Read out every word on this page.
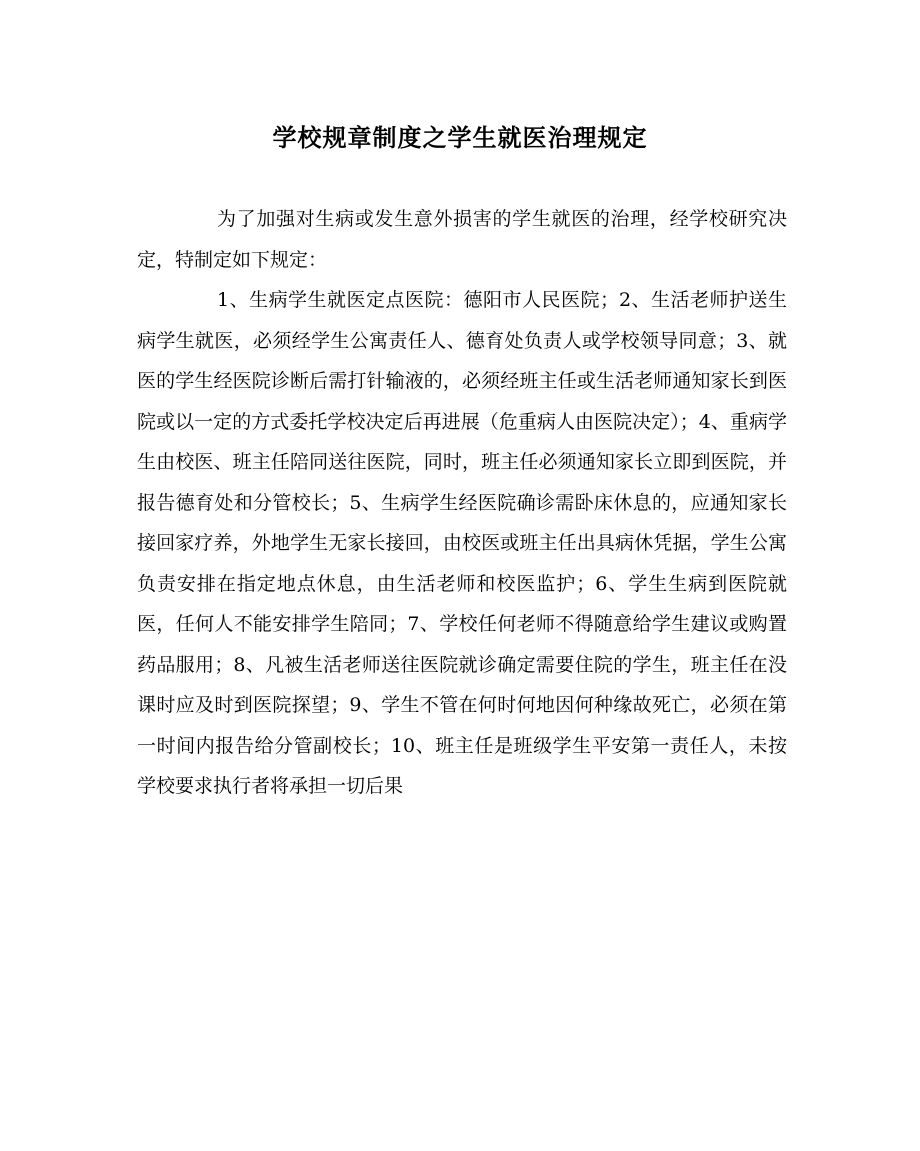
学校规章制度之学生就医治理规定

为了加强对生病或发生意外损害的学生就医的治理，经学校研究决定，特制定如下规定：

1、生病学生就医定点医院：德阳市人民医院；2、生活老师护送生病学生就医，必须经学生公寓责任人、德育处负责人或学校领导同意；3、就医的学生经医院诊断后需打针输液的，必须经班主任或生活老师通知家长到医院或以一定的方式委托学校决定后再进展（危重病人由医院决定）；4、重病学生由校医、班主任陪同送往医院，同时，班主任必须通知家长立即到医院，并报告德育处和分管校长；5、生病学生经医院确诊需卧床休息的，应通知家长接回家疗养，外地学生无家长接回，由校医或班主任出具病休凭据，学生公寓负责安排在指定地点休息，由生活老师和校医监护；6、学生生病到医院就医，任何人不能安排学生陪同；7、学校任何老师不得随意给学生建议或购置药品服用；8、凡被生活老师送往医院就诊确定需要住院的学生，班主任在没课时应及时到医院探望；9、学生不管在何时何地因何种缘故死亡，必须在第一时间内报告给分管副校长；10、班主任是班级学生平安第一责任人，未按学校要求执行者将承担一切后果
